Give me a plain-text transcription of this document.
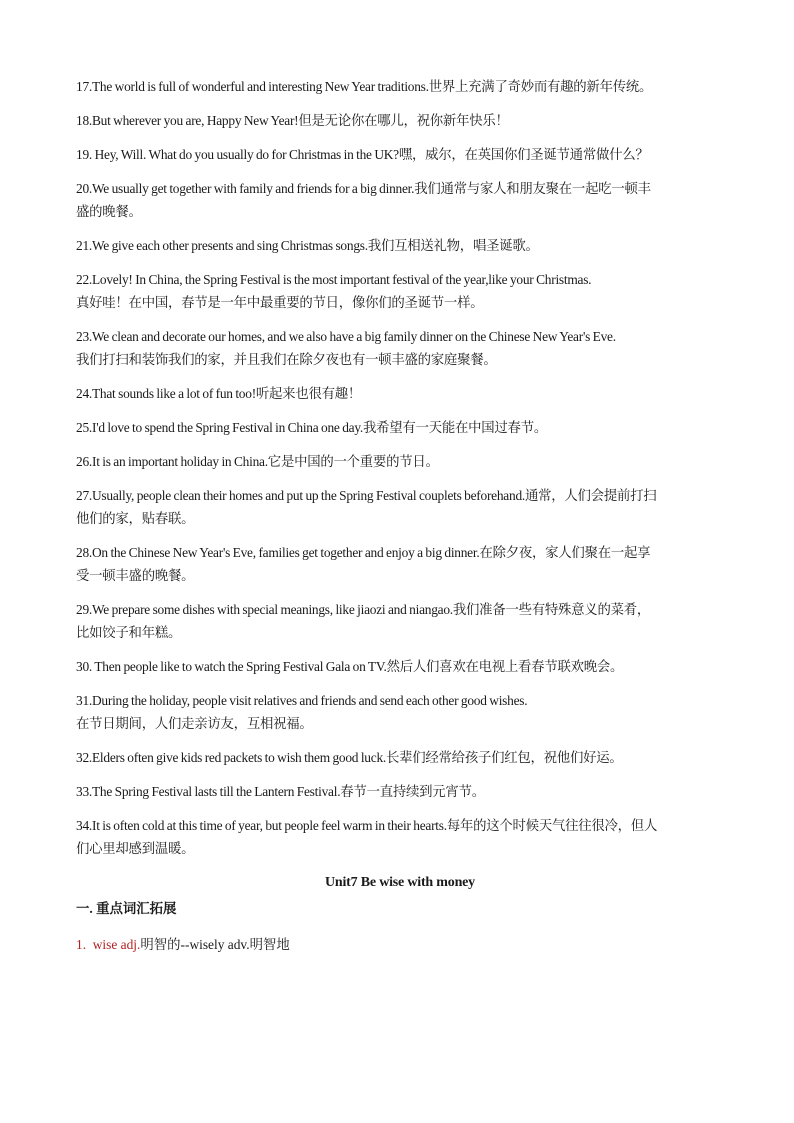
17.The world is full of wonderful and interesting New Year traditions.世界上充满了奇妙而有趣的新年传统。
18.But wherever you are, Happy New Year!但是无论你在哪儿，祝你新年快乐！
19. Hey, Will. What do you usually do for Christmas in the UK?嘿，威尔，在英国你们圣诞节通常做什么？
20.We usually get together with family and friends for a big dinner.我们通常与家人和朋友聚在一起吃一顿丰
盛的晚餐。
21.We give each other presents and sing Christmas songs.我们互相送礼物，唱圣诞歌。
22.Lovely! In China, the Spring Festival is the most important festival of the year,like your Christmas.
真好哇！在中国，春节是一年中最重要的节日，像你们的圣诞节一样。
23.We clean and decorate our homes, and we also have a big family dinner on the Chinese New Year's Eve.
我们打扫和装饰我们的家，并且我们在除夕夜也有一顿丰盛的家庭聚餐。
24.That sounds like a lot of fun too!听起来也很有趣！
25.I'd love to spend the Spring Festival in China one day.我希望有一天能在中国过春节。
26.It is an important holiday in China.它是中国的一个重要的节日。
27.Usually, people clean their homes and put up the Spring Festival couplets beforehand.通常，人们会提前打扫
他们的家，贴春联。
28.On the Chinese New Year's Eve, families get together and enjoy a big dinner.在除夕夜，家人们聚在一起享
受一顿丰盛的晚餐。
29.We prepare some dishes with special meanings, like jiaozi and niangao.我们准备一些有特殊意义的菜肴，
比如饺子和年糕。
30. Then people like to watch the Spring Festival Gala on TV.然后人们喜欢在电视上看春节联欢晚会。
31.During the holiday, people visit relatives and friends and send each other good wishes.
在节日期间，人们走亲访友，互相祝福。
32.Elders often give kids red packets to wish them good luck.长辈们经常给孩子们红包，祝他们好运。
33.The Spring Festival lasts till the Lantern Festival.春节一直持续到元宵节。
34.It is often cold at this time of year, but people feel warm in their hearts.每年的这个时候天气往往很冷，但人
们心里却感到温暖。
Unit7 Be wise with money
一. 重点词汇拓展
1. wise adj.明智的--wisely adv.明智地
